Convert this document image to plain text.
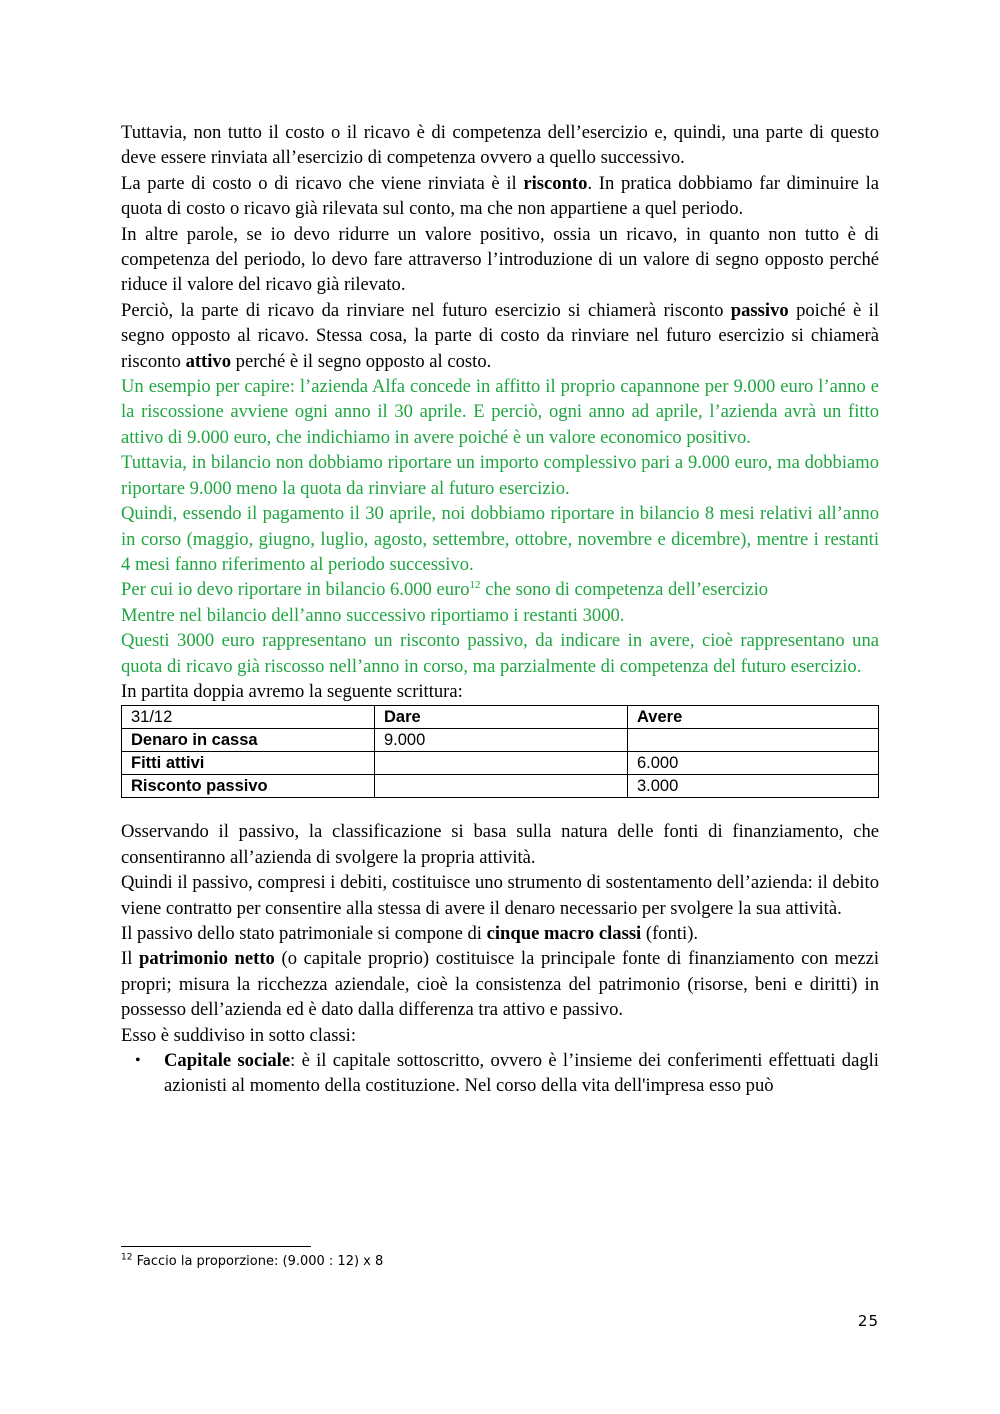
Tuttavia, non tutto il costo o il ricavo è di competenza dell’esercizio e, quindi, una parte di questo deve essere rinviata all’esercizio di competenza ovvero a quello successivo.

La parte di costo o di ricavo che viene rinviata è il risconto. In pratica dobbiamo far diminuire la quota di costo o ricavo già rilevata sul conto, ma che non appartiene a quel periodo.

In altre parole, se io devo ridurre un valore positivo, ossia un ricavo, in quanto non tutto è di competenza del periodo, lo devo fare attraverso l’introduzione di un valore di segno opposto perché riduce il valore del ricavo già rilevato.

Perciò, la parte di ricavo da rinviare nel futuro esercizio si chiamerà risconto passivo poiché è il segno opposto al ricavo. Stessa cosa, la parte di costo da rinviare nel futuro esercizio si chiamerà risconto attivo perché è il segno opposto al costo.

Un esempio per capire: l’azienda Alfa concede in affitto il proprio capannone per 9.000 euro l’anno e la riscossione avviene ogni anno il 30 aprile. E perciò, ogni anno ad aprile, l’azienda avrà un fitto attivo di 9.000 euro, che indichiamo in avere poiché è un valore economico positivo.

Tuttavia, in bilancio non dobbiamo riportare un importo complessivo pari a 9.000 euro, ma dobbiamo riportare 9.000 meno la quota da rinviare al futuro esercizio.

Quindi, essendo il pagamento il 30 aprile, noi dobbiamo riportare in bilancio 8 mesi relativi all’anno in corso (maggio, giugno, luglio, agosto, settembre, ottobre, novembre e dicembre), mentre i restanti 4 mesi fanno riferimento al periodo successivo.

Per cui io devo riportare in bilancio 6.000 euro$^{12}$ che sono di competenza dell’esercizio

Mentre nel bilancio dell’anno successivo riportiamo i restanti 3000.

Questi 3000 euro rappresentano un risconto passivo, da indicare in avere, cioè rappresentano una quota di ricavo già riscosso nell’anno in corso, ma parzialmente di competenza del futuro esercizio.

In partita doppia avremo la seguente scrittura:

31/12	Dare	Avere
Denaro in cassa	9.000	
Fitti attivi		6.000
Risconto passivo		3.000

Osservando il passivo, la classificazione si basa sulla natura delle fonti di finanziamento, che consentiranno all’azienda di svolgere la propria attività.

Quindi il passivo, compresi i debiti, costituisce uno strumento di sostentamento dell’azienda: il debito viene contratto per consentire alla stessa di avere il denaro necessario per svolgere la sua attività.

Il passivo dello stato patrimoniale si compone di cinque macro classi (fonti).

Il patrimonio netto (o capitale proprio) costituisce la principale fonte di finanziamento con mezzi propri; misura la ricchezza aziendale, cioè la consistenza del patrimonio (risorse, beni e diritti) in possesso dell’azienda ed è dato dalla differenza tra attivo e passivo.

Esso è suddiviso in sotto classi:

• Capitale sociale: è il capitale sottoscritto, ovvero è l’insieme dei conferimenti effettuati dagli azionisti al momento della costituzione. Nel corso della vita dell'impresa esso può
$^{12}$ Faccio la proporzione: (9.000 : 12) x 8
25
